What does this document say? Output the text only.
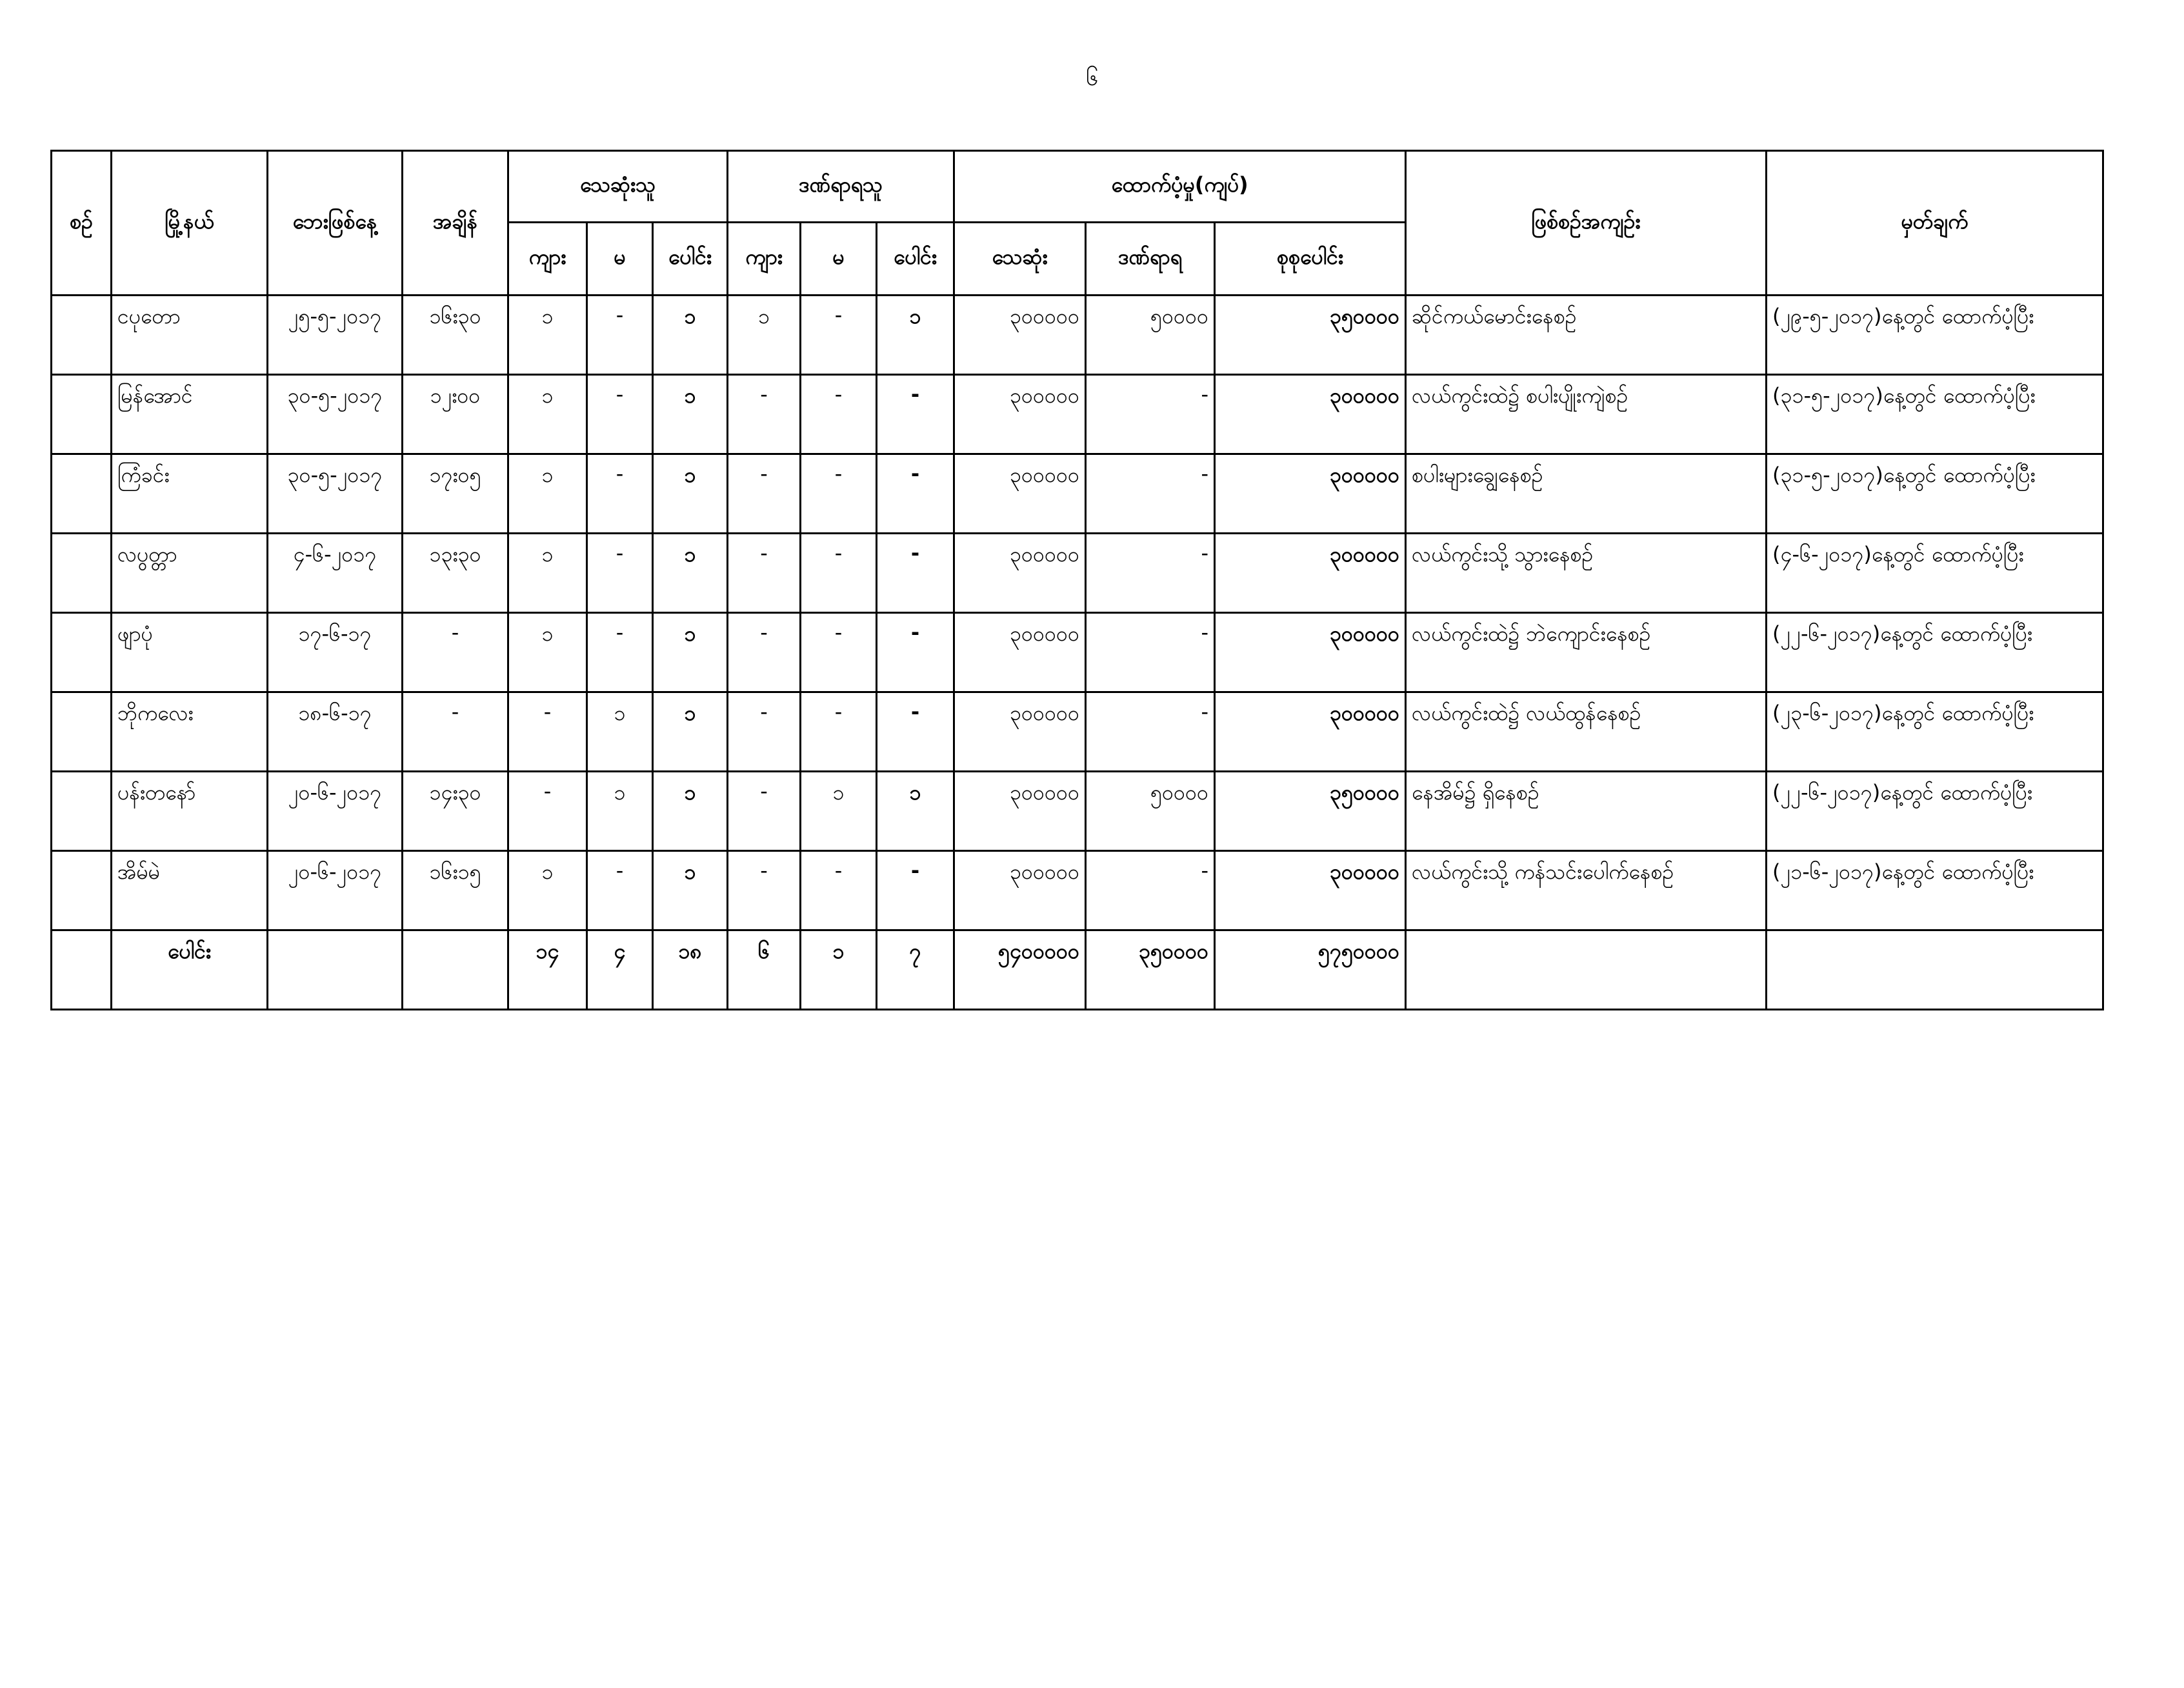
၆
စဥ်	မြို့နယ်	ဘေးဖြစ်နေ့	အချိန်	သေဆုံးသူ			ဒဏ်ရာရသူ			ထောက်ပံ့မှု(ကျပ်)			ဖြစ်စဥ်အကျဥ်း	မှတ်ချက်
				ကျား	မ	ပေါင်း	ကျား	မ	ပေါင်း	သေဆုံး	ဒဏ်ရာရ	စုစုပေါင်း		
	ငပုတော	၂၅-၅-၂၀၁၇	၁၆း၃၀	၁	-	၁	၁	-	၁	၃၀၀၀၀၀	၅၀၀၀၀	၃၅၀၀၀၀	ဆိုင်ကယ်မောင်းနေစဥ်	(၂၉-၅-၂၀၁၇)နေ့တွင် ထောက်ပံ့ပြီး
	မြန်အောင်	၃၀-၅-၂၀၁၇	၁၂း၀၀	၁	-	၁	-	-	-	၃၀၀၀၀၀	-	၃၀၀၀၀၀	လယ်ကွင်းထဲ၌ စပါးပျိုးကျဲစဥ်	(၃၁-၅-၂၀၁၇)နေ့တွင် ထောက်ပံ့ပြီး
	ကြံခင်း	၃၀-၅-၂၀၁၇	၁၇း၀၅	၁	-	၁	-	-	-	၃၀၀၀၀၀	-	၃၀၀၀၀၀	စပါးများချွေနေစဥ်	(၃၁-၅-၂၀၁၇)နေ့တွင် ထောက်ပံ့ပြီး
	လပွတ္တာ	၄-၆-၂၀၁၇	၁၃း၃၀	၁	-	၁	-	-	-	၃၀၀၀၀၀	-	၃၀၀၀၀၀	လယ်ကွင်းသို့ သွားနေစဥ်	(၄-၆-၂၀၁၇)နေ့တွင် ထောက်ပံ့ပြီး
	ဖျာပုံ	၁၇-၆-၁၇	-	၁	-	၁	-	-	-	၃၀၀၀၀၀	-	၃၀၀၀၀၀	လယ်ကွင်းထဲ၌ ဘဲကျောင်းနေစဥ်	(၂၂-၆-၂၀၁၇)နေ့တွင် ထောက်ပံ့ပြီး
	ဘိုကလေး	၁၈-၆-၁၇	-	-	၁	၁	-	-	-	၃၀၀၀၀၀	-	၃၀၀၀၀၀	လယ်ကွင်းထဲ၌ လယ်ထွန်နေစဥ်	(၂၃-၆-၂၀၁၇)နေ့တွင် ထောက်ပံ့ပြီး
	ပန်းတနော်	၂၀-၆-၂၀၁၇	၁၄း၃၀	-	၁	၁	-	၁	၁	၃၀၀၀၀၀	၅၀၀၀၀	၃၅၀၀၀၀	နေအိမ်၌ ရှိနေစဥ်	(၂၂-၆-၂၀၁၇)နေ့တွင် ထောက်ပံ့ပြီး
	အိမ်မဲ	၂၀-၆-၂၀၁၇	၁၆း၁၅	၁	-	၁	-	-	-	၃၀၀၀၀၀	-	၃၀၀၀၀၀	လယ်ကွင်းသို့ ကန်သင်းပေါက်နေစဥ်	(၂၁-၆-၂၀၁၇)နေ့တွင် ထောက်ပံ့ပြီး
	ပေါင်း			၁၄	၄	၁၈	၆	၁	၇	၅၄၀၀၀၀၀	၃၅၀၀၀၀	၅၇၅၀၀၀၀		
